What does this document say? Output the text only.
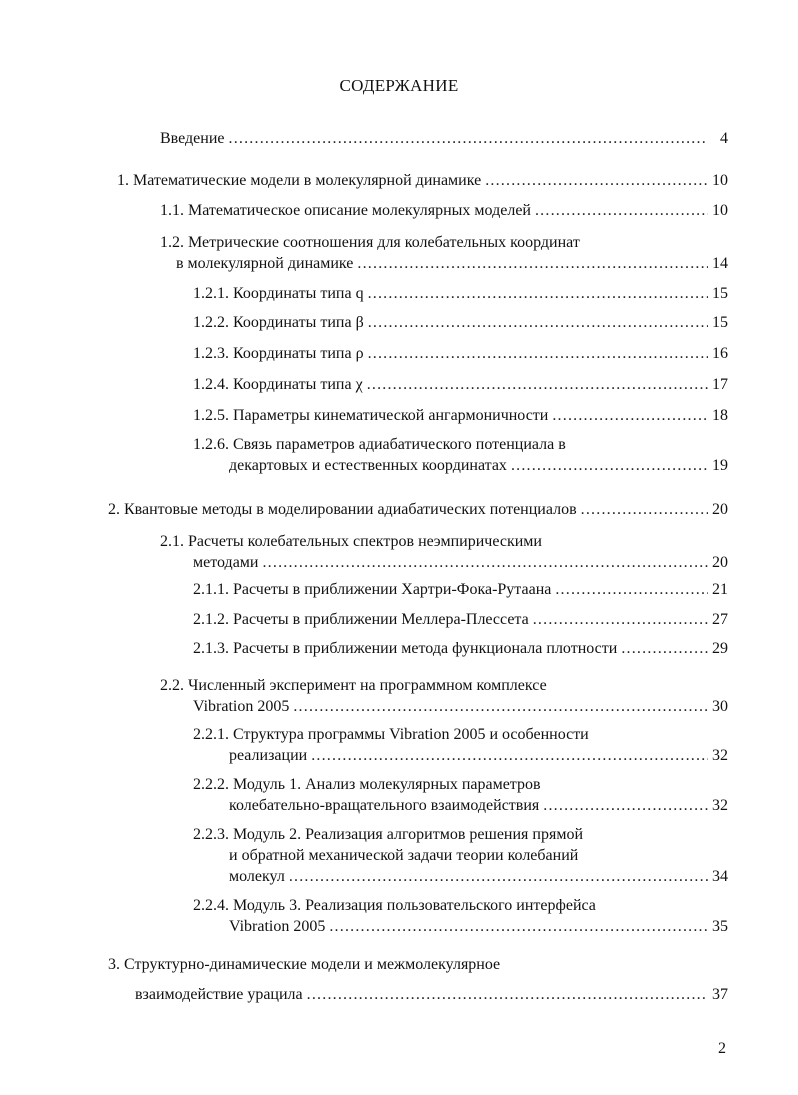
СОДЕРЖАНИЕ
Введение .....	4
1. Математические модели в молекулярной динамике .....	10
1.1. Математическое описание молекулярных моделей .....	10
1.2. Метрические соотношения для колебательных координат
в молекулярной динамике .....	14
1.2.1. Координаты типа q .....	15
1.2.2. Координаты типа β .....	15
1.2.3. Координаты типа ρ .....	16
1.2.4. Координаты типа χ .....	17
1.2.5. Параметры кинематической ангармоничности .....	18
1.2.6. Связь параметров адиабатического потенциала в
декартовых и естественных координатах .....	19
2. Квантовые методы в моделировании адиабатических потенциалов .....	20
2.1. Расчеты колебательных спектров неэмпирическими
методами .....	20
2.1.1. Расчеты в приближении Хартри-Фока-Рутаана .....	21
2.1.2. Расчеты в приближении Меллера-Плессета .....	27
2.1.3. Расчеты в приближении метода функционала плотности .....	29
2.2. Численный эксперимент на программном комплексе
Vibration 2005 .....	30
2.2.1. Структура программы Vibration 2005 и особенности
реализации .....	32
2.2.2. Модуль 1. Анализ молекулярных параметров
колебательно-вращательного взаимодействия .....	32
2.2.3. Модуль 2. Реализация алгоритмов решения прямой
и обратной механической задачи теории колебаний
молекул .....	34
2.2.4. Модуль 3. Реализация пользовательского интерфейса
Vibration 2005 .....	35
3. Структурно-динамические модели и межмолекулярное
взаимодействие урацила .....	37
2
